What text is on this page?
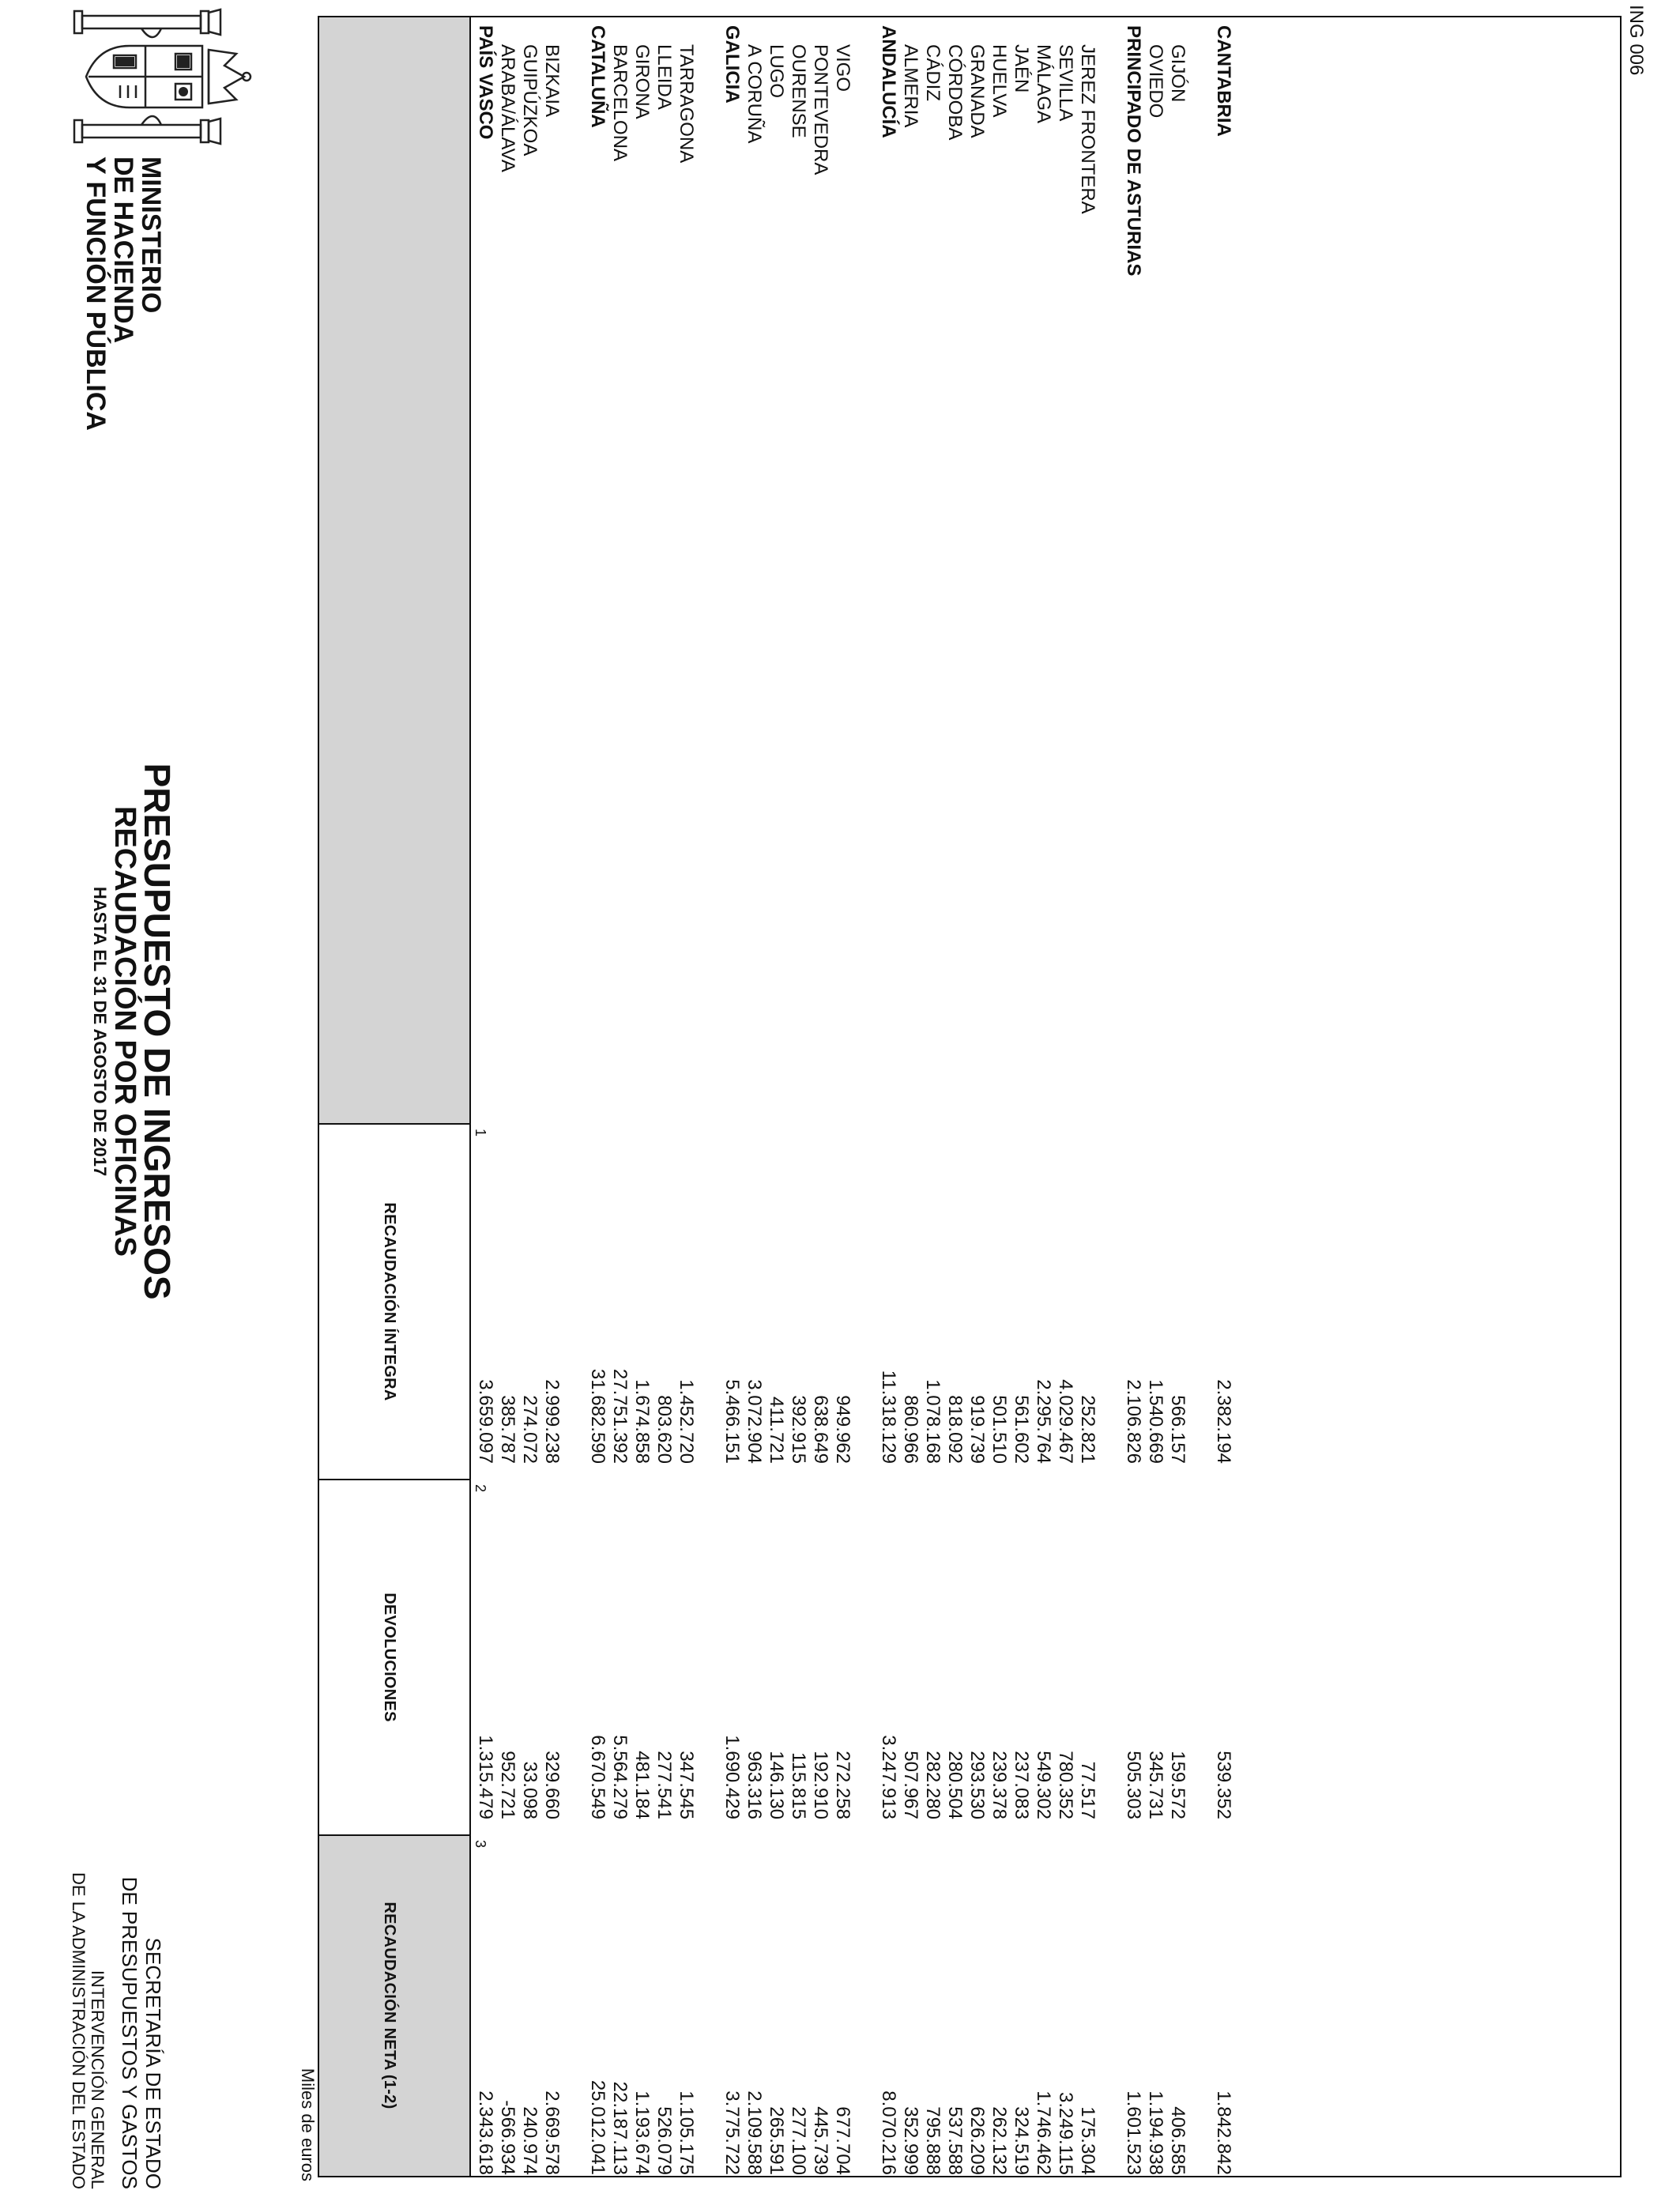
MINISTERIO
DE HACIENDA
Y FUNCIÓN PÚBLICA
PRESUPUESTO DE INGRESOS
RECAUDACIÓN POR OFICINAS
HASTA EL 31 DE AGOSTO DE 2017
SECRETARÍA DE ESTADO
DE PRESUPUESTOS Y GASTOS
INTERVENCIÓN GENERAL
DE LA ADMINISTRACIÓN DEL ESTADO	Miles de euros
ING 006
RECAUDACIÓN ÍNTEGRA
DEVOLUCIONES
RECAUDACIÓN NETA (1-2)
1
2
3
PAÍS VASCO
3.659.097
1.315.479
2.343.618
ARABA/ÁLAVA
385.787
952.721
-566.934
GUIPÚZKOA
274.072
33.098
240.974
BIZKAIA
2.999.238
329.660
2.669.578
CATALUÑA
31.682.590
6.670.549
25.012.041
BARCELONA
27.751.392
5.564.279
22.187.113
GIRONA
1.674.858
481.184
1.193.674
LLEIDA
803.620
277.541
526.079
TARRAGONA
1.452.720
347.545
1.105.175
GALICIA
5.466.151
1.690.429
3.775.722
A CORUÑA
3.072.904
963.316
2.109.588
LUGO
411.721
146.130
265.591
OURENSE
392.915
115.815
277.100
PONTEVEDRA
638.649
192.910
445.739
VIGO
949.962
272.258
677.704
ANDALUCÍA
11.318.129
3.247.913
8.070.216
ALMERIA
860.966
507.967
352.999
CÁDIZ
1.078.168
282.280
795.888
CÓRDOBA
818.092
280.504
537.588
GRANADA
919.739
293.530
626.209
HUELVA
501.510
239.378
262.132
JAÉN
561.602
237.083
324.519
MÁLAGA
2.295.764
549.302
1.746.462
SEVILLA
4.029.467
780.352
3.249.115
JEREZ FRONTERA
252.821
77.517
175.304
PRINCIPADO DE ASTURIAS
2.106.826
505.303
1.601.523
OVIEDO
1.540.669
345.731
1.194.938
GIJÓN
566.157
159.572
406.585
CANTABRIA
2.382.194
539.352
1.842.842
